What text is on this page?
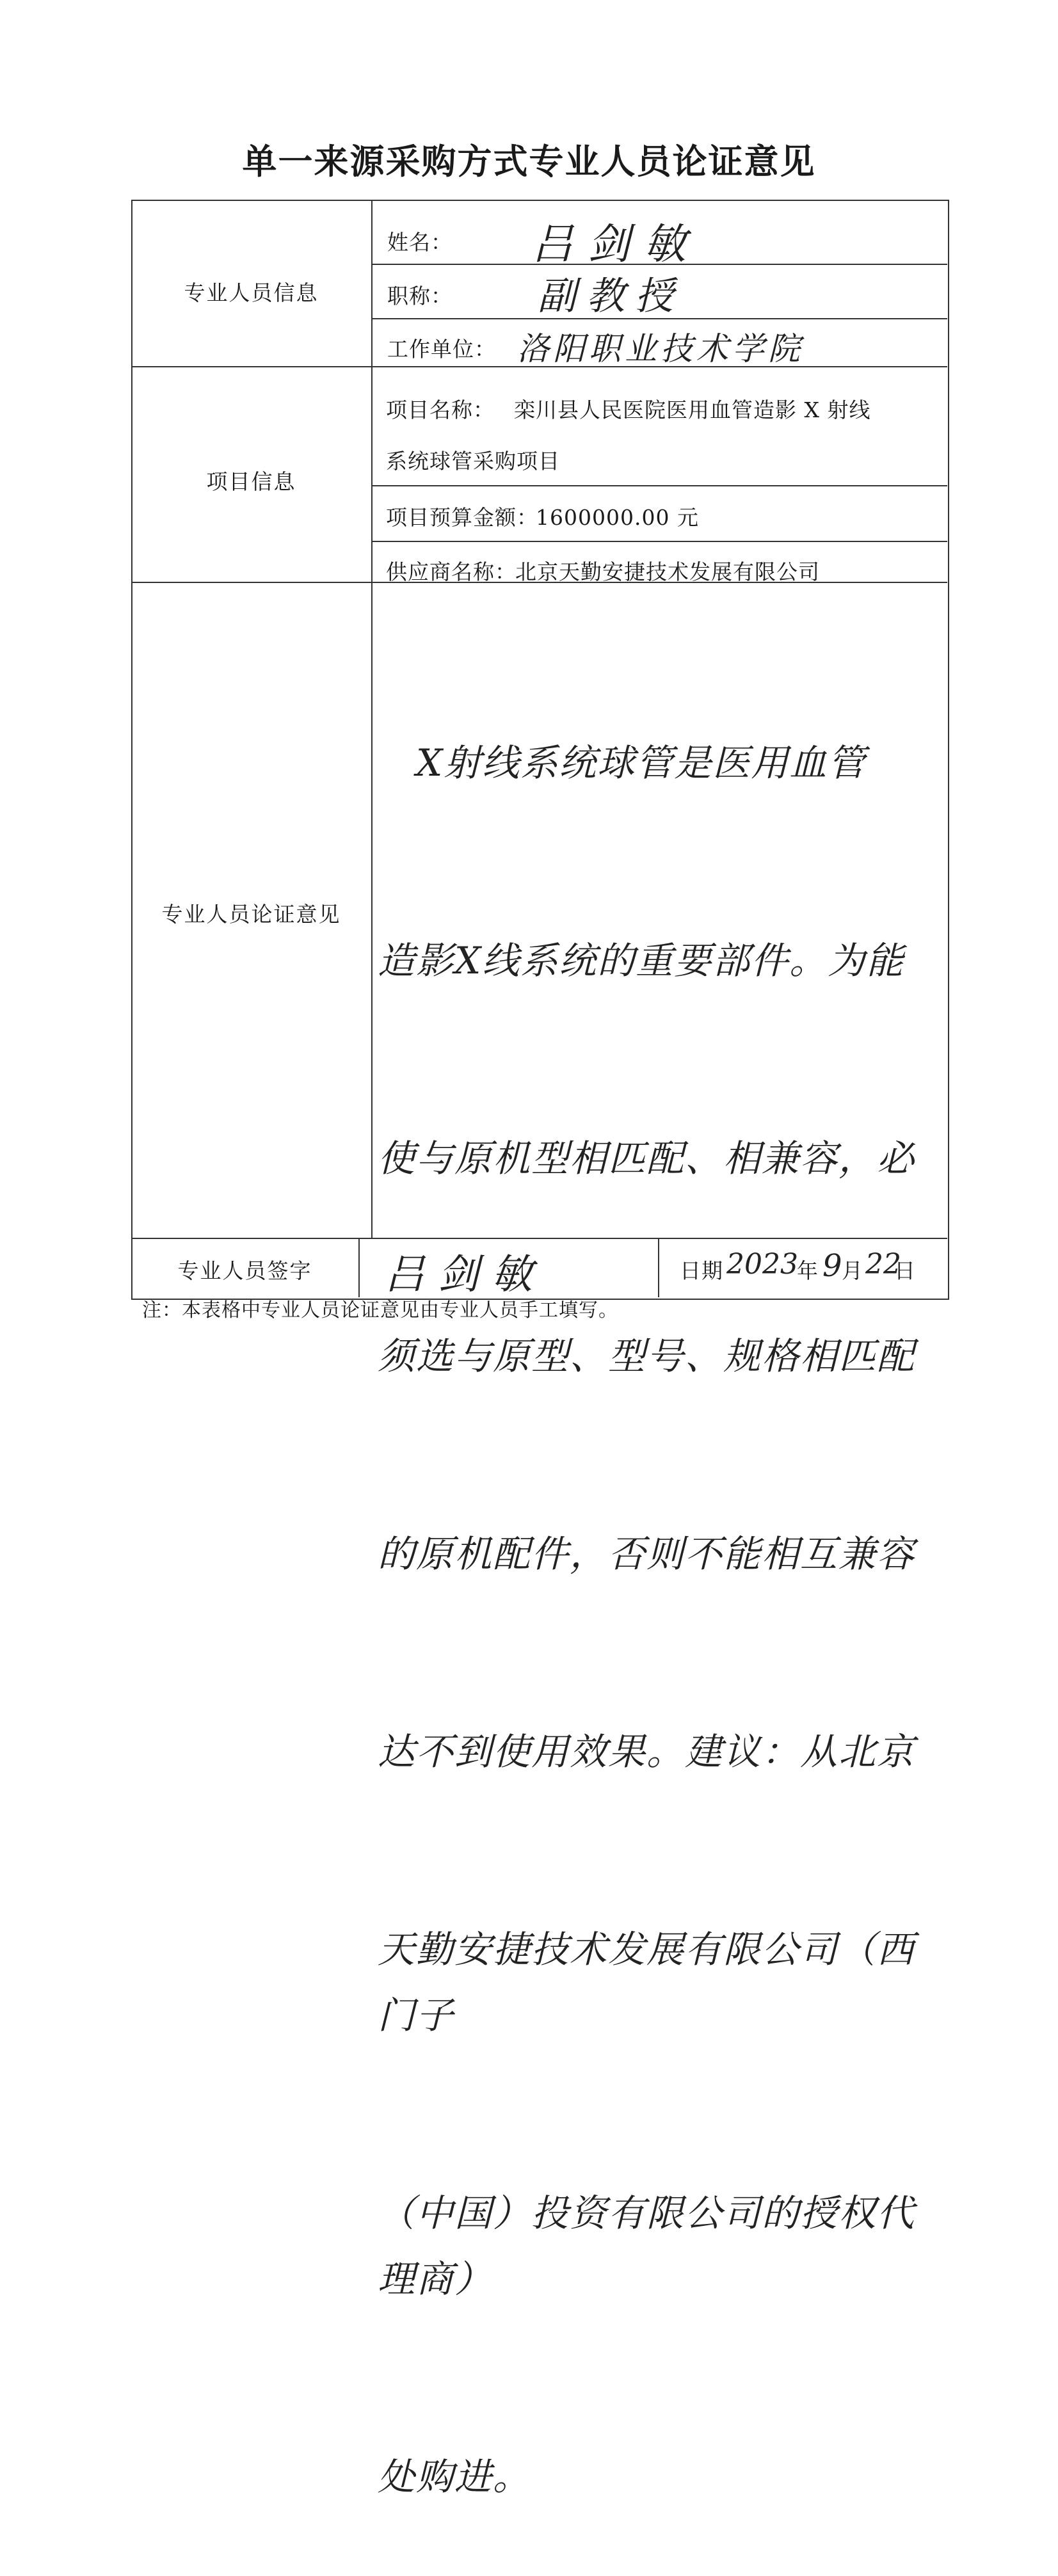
单一来源采购方式专业人员论证意见
专业人员信息
姓名： 吕剑敏
职称： 副教授
工作单位： 洛阳职业技术学院
项目信息
项目名称： 栾川县人民医院医用血管造影 X 射线
系统球管采购项目
项目预算金额：
1600000.00 元
供应商名称：
北京天勤安捷技术发展有限公司
专业人员论证意见

X射线系统球管是医用血管

造影X线系统的重要部件。为能

使与原机型相匹配、相兼容，必

须选与原型、型号、规格相匹配

的原机配件，否则不能相互兼容

达不到使用效果。建议：从北京

天勤安捷技术发展有限公司（西门子

（中国）投资有限公司的授权代理商）

处购进。

专业人员签字	吕剑敏	日期 2023
年 9 月 22
日
注：本表格中专业人员论证意见由专业人员手工填写。
